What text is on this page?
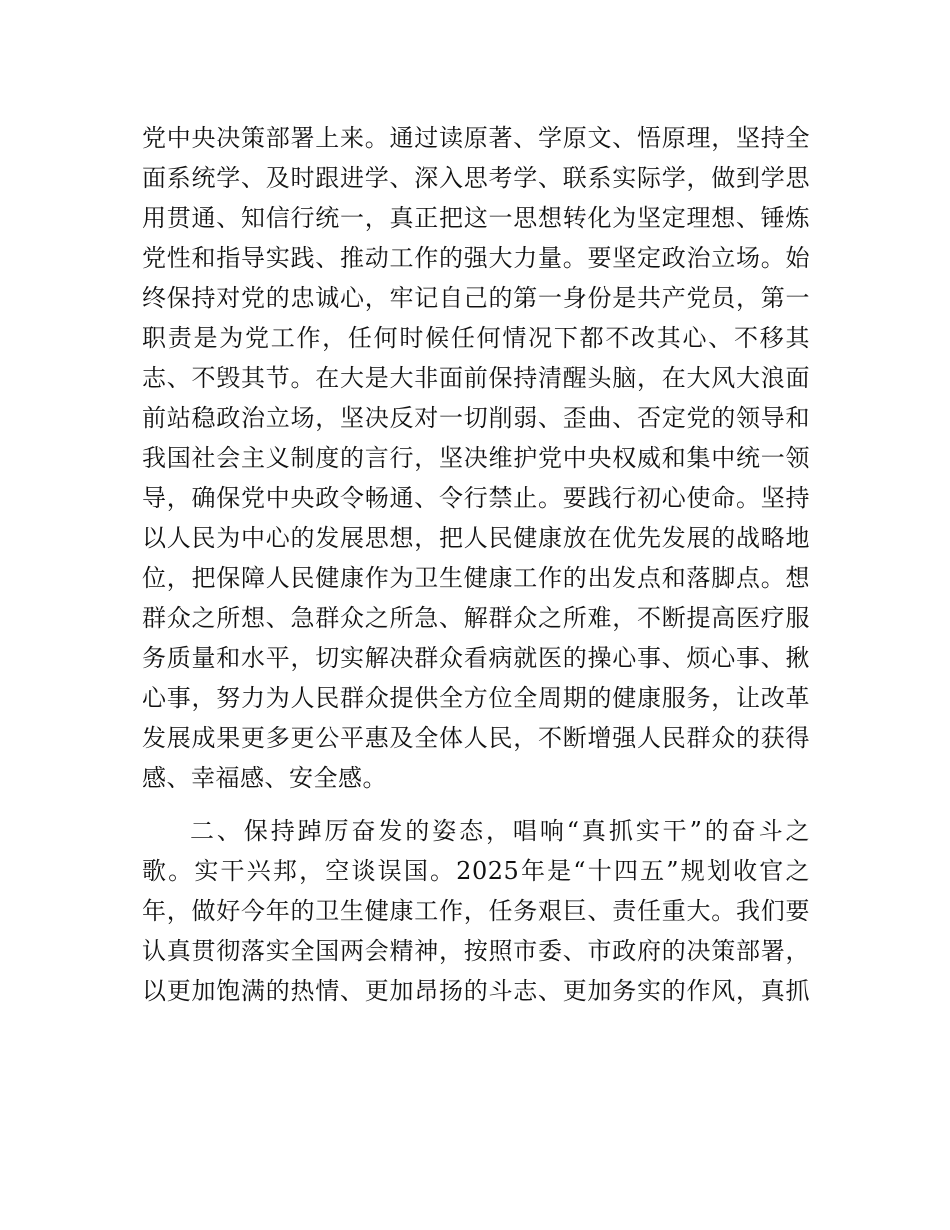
党中央决策部署上来。通过读原著、学原文、悟原理，坚持全
面系统学、及时跟进学、深入思考学、联系实际学，做到学思
用贯通、知信行统一，真正把这一思想转化为坚定理想、锤炼
党性和指导实践、推动工作的强大力量。要坚定政治立场。始
终保持对党的忠诚心，牢记自己的第一身份是共产党员，第一
职责是为党工作，任何时候任何情况下都不改其心、不移其
志、不毁其节。在大是大非面前保持清醒头脑，在大风大浪面
前站稳政治立场，坚决反对一切削弱、歪曲、否定党的领导和
我国社会主义制度的言行，坚决维护党中央权威和集中统一领
导，确保党中央政令畅通、令行禁止。要践行初心使命。坚持
以人民为中心的发展思想，把人民健康放在优先发展的战略地
位，把保障人民健康作为卫生健康工作的出发点和落脚点。想
群众之所想、急群众之所急、解群众之所难，不断提高医疗服
务质量和水平，切实解决群众看病就医的操心事、烦心事、揪
心事，努力为人民群众提供全方位全周期的健康服务，让改革
发展成果更多更公平惠及全体人民，不断增强人民群众的获得
感、幸福感、安全感。
二、保持踔厉奋发的姿态，唱响“真抓实干”的奋斗之
歌。实干兴邦，空谈误国。2025年是“十四五”规划收官之
年，做好今年的卫生健康工作，任务艰巨、责任重大。我们要
认真贯彻落实全国两会精神，按照市委、市政府的决策部署，
以更加饱满的热情、更加昂扬的斗志、更加务实的作风，真抓
